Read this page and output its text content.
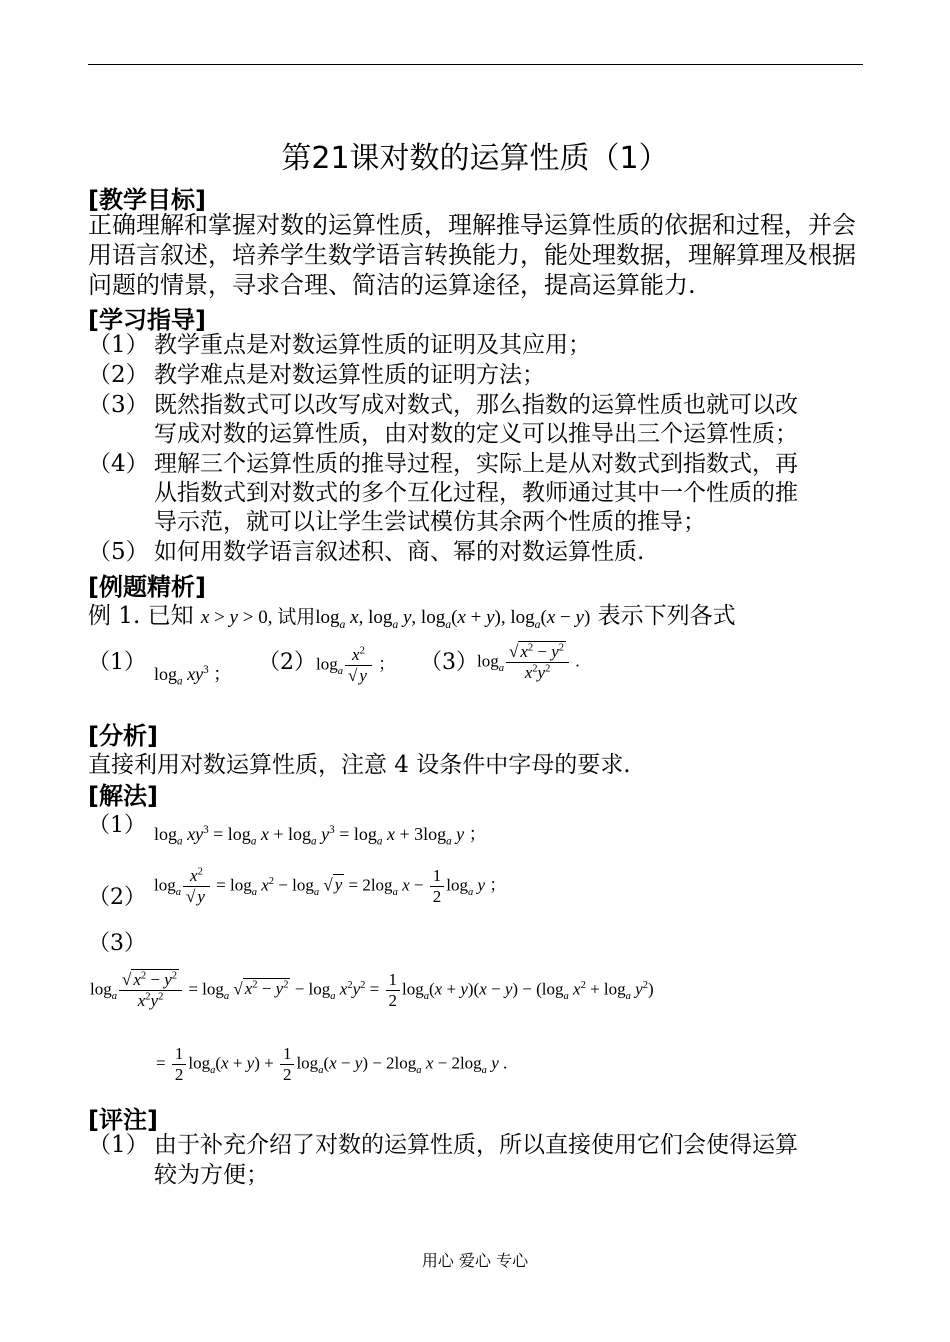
第21课对数的运算性质（1）
[教学目标]
正确理解和掌握对数的运算性质，理解推导运算性质的依据和过程，并会用语言叙述，培养学生数学语言转换能力，能处理数据，理解算理及根据问题的情景，寻求合理、简洁的运算途径，提高运算能力.
[学习指导]
（1） 教学重点是对数运算性质的证明及其应用；
（2） 教学难点是对数运算性质的证明方法；
（3） 既然指数式可以改写成对数式，那么指数的运算性质也就可以改
写成对数的运算性质，由对数的定义可以推导出三个运算性质；
（4） 理解三个运算性质的推导过程，实际上是从对数式到指数式，再
从指数式到对数式的多个互化过程，教师通过其中一个性质的推
导示范，就可以让学生尝试模仿其余两个性质的推导；
（5） 如何用数学语言叙述积、商、幂的对数运算性质.
[例题精析]
例 1. 已知 x > y > 0, 试用$\log_a x$, $\log_a y$, $\log_a(x + y)$, $\log_a(x - y)$ 表示下列各式
（1） $\log_a xy^3$ ； （2） $\log_a \frac{x^2}{√ y}$ ； （3） $\log_a \frac{√ x^2 - y^2}{x^2y^2}$ .
[分析]
直接利用对数运算性质，注意 4 设条件中字母的要求.
[解法]
（1） $\log_a xy^3 = \log_a x + \log_a y^3 = \log_a x + 3\log_a$ y ；
（2）
$\log_a \frac{x^2}{√ y} = \log_a x^2 - \log_a$ √ $y = 2\log_a$ $x - \frac{1}{2} \log_a y$ ；
（3）
$\log_a \frac{√ x^2 - y^2}{x^2y^2} = \log_a$ √ $x^2 - y^2 - \log_a x^2y^2 = \frac{1}{2} \log_a(x + y)(x - y) - (\log_a$ $x^2 + \log_a y^2$)
= $\frac{1}{2} \log_a(x + y) + \frac{1}{2} \log_a(x - y) - 2\log_a$ $x - 2\log_a$ y .
[评注]
（1） 由于补充介绍了对数的运算性质，所以直接使用它们会使得运算
较为方便；
用心 爱心 专心
